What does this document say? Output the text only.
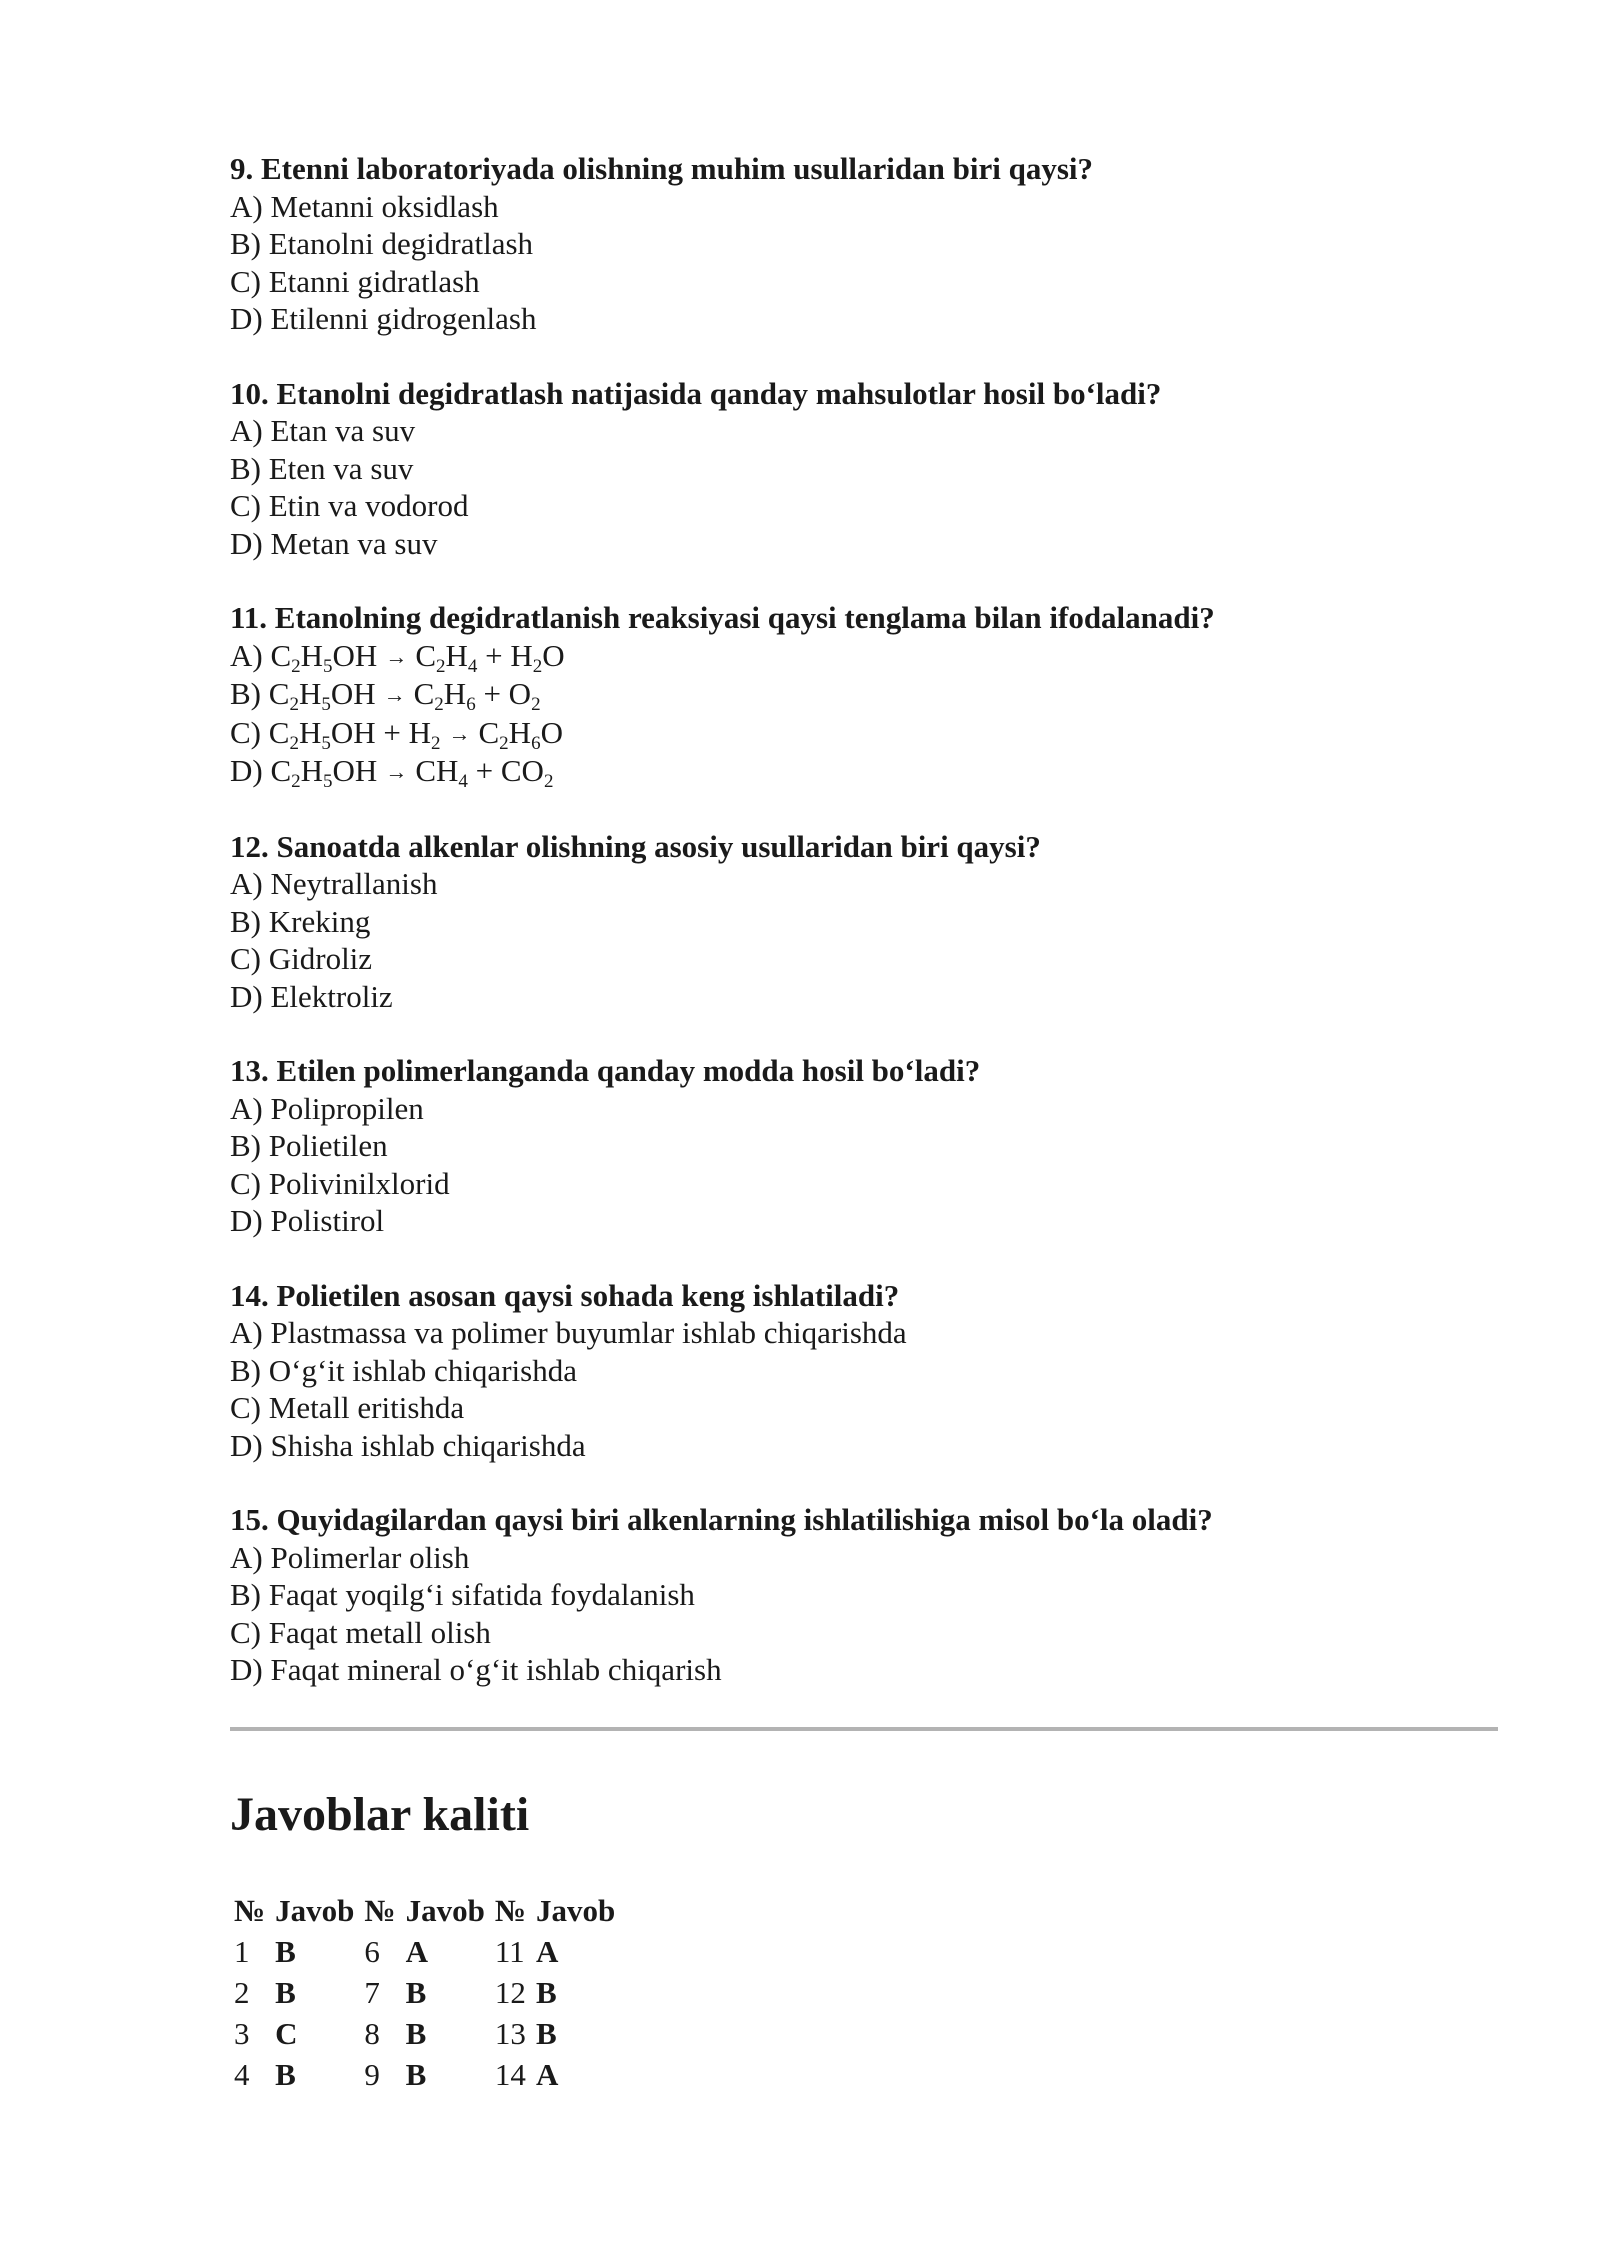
9. Etenni laboratoriyada olishning muhim usullaridan biri qaysi?

A) Metanni oksidlash

B) Etanolni degidratlash

C) Etanni gidratlash

D) Etilenni gidrogenlash

10. Etanolni degidratlash natijasida qanday mahsulotlar hosil bo‘ladi?

A) Etan va suv

B) Eten va suv

C) Etin va vodorod

D) Metan va suv

11. Etanolning degidratlanish reaksiyasi qaysi tenglama bilan ifodalanadi?

A) $C_2H_5OH \to C_2H_4 + H_2O$

B) $C_2H_5OH \to C_2H_6 + O_2$

C) $C_2H_5OH + H_2 \to C_2H_6O$

D) $C_2H_5OH \to CH_4 + CO_2$

12. Sanoatda alkenlar olishning asosiy usullaridan biri qaysi?

A) Neytrallanish

B) Kreking

C) Gidroliz

D) Elektroliz

13. Etilen polimerlanganda qanday modda hosil bo‘ladi?

A) Polipropilen

B) Polietilen

C) Polivinilxlorid

D) Polistirol

14. Polietilen asosan qaysi sohada keng ishlatiladi?

A) Plastmassa va polimer buyumlar ishlab chiqarishda

B) O‘g‘it ishlab chiqarishda

C) Metall eritishda

D) Shisha ishlab chiqarishda

15. Quyidagilardan qaysi biri alkenlarning ishlatilishiga misol bo‘la oladi?

A) Polimerlar olish

B) Faqat yoqilg‘i sifatida foydalanish

C) Faqat metall olish

D) Faqat mineral o‘g‘it ishlab chiqarish

Javoblar kaliti
№	Javob	№	Javob	№	Javob
1	B	6	A	11	A
2	B	7	B	12	B
3	C	8	B	13	B
4	B	9	B	14	A
